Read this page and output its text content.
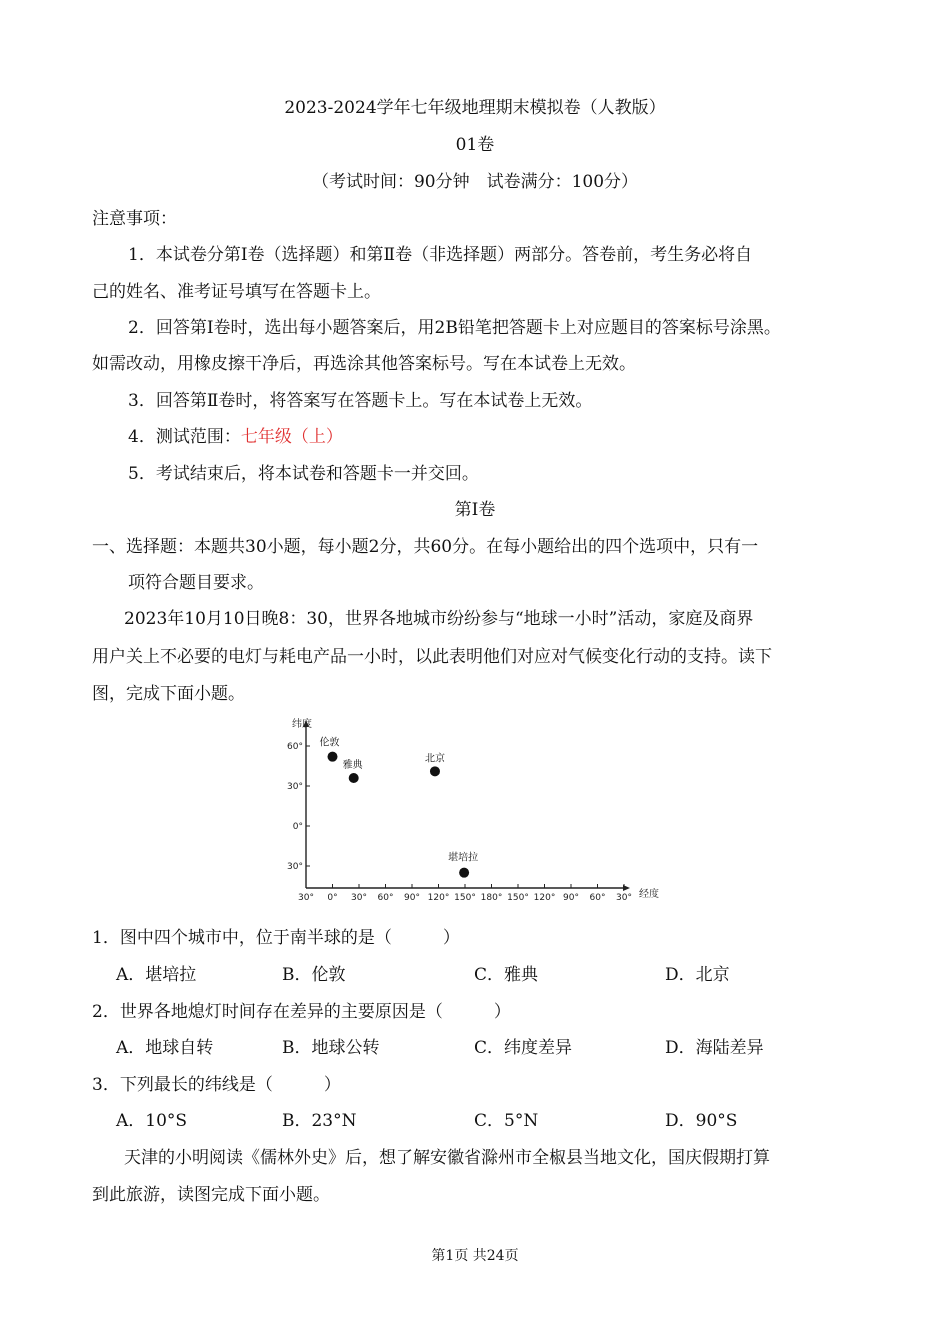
2023-2024学年七年级地理期末模拟卷（人教版）
01卷
（考试时间：90分钟　试卷满分：100分）
注意事项：
1．本试卷分第Ⅰ卷（选择题）和第Ⅱ卷（非选择题）两部分。答卷前，考生务必将自
己的姓名、准考证号填写在答题卡上。
2．回答第Ⅰ卷时，选出每小题答案后，用2B铅笔把答题卡上对应题目的答案标号涂黑。
如需改动，用橡皮擦干净后，再选涂其他答案标号。写在本试卷上无效。
3．回答第Ⅱ卷时，将答案写在答题卡上。写在本试卷上无效。
4．测试范围：七年级（上）
5．考试结束后，将本试卷和答题卡一并交回。
第Ⅰ卷
一、选择题：本题共30小题，每小题2分，共60分。在每小题给出的四个选项中，只有一
项符合题目要求。
2023年10月10日晚8：30，世界各地城市纷纷参与“地球一小时”活动，家庭及商界
用户关上不必要的电灯与耗电产品一小时，以此表明他们对应对气候变化行动的支持。读下
图，完成下面小题。
纬度
经度
60°
30°
0°
30°
30° 0° 30° 60° 90° 120° 150° 180° 150° 120° 90° 60° 30°
伦敦
雅典
北京
堪培拉
1．图中四个城市中，位于南半球的是（　　　）
A．堪培拉	B．伦敦	C．雅典	D．北京
2．世界各地熄灯时间存在差异的主要原因是（　　　）
A．地球自转	B．地球公转	C．纬度差异	D．海陆差异
3．下列最长的纬线是（　　　）
A．10°S	B．23°N	C．5°N	D．90°S
天津的小明阅读《儒林外史》后，想了解安徽省滁州市全椒县当地文化，国庆假期打算
到此旅游，读图完成下面小题。
第1页 共24页
